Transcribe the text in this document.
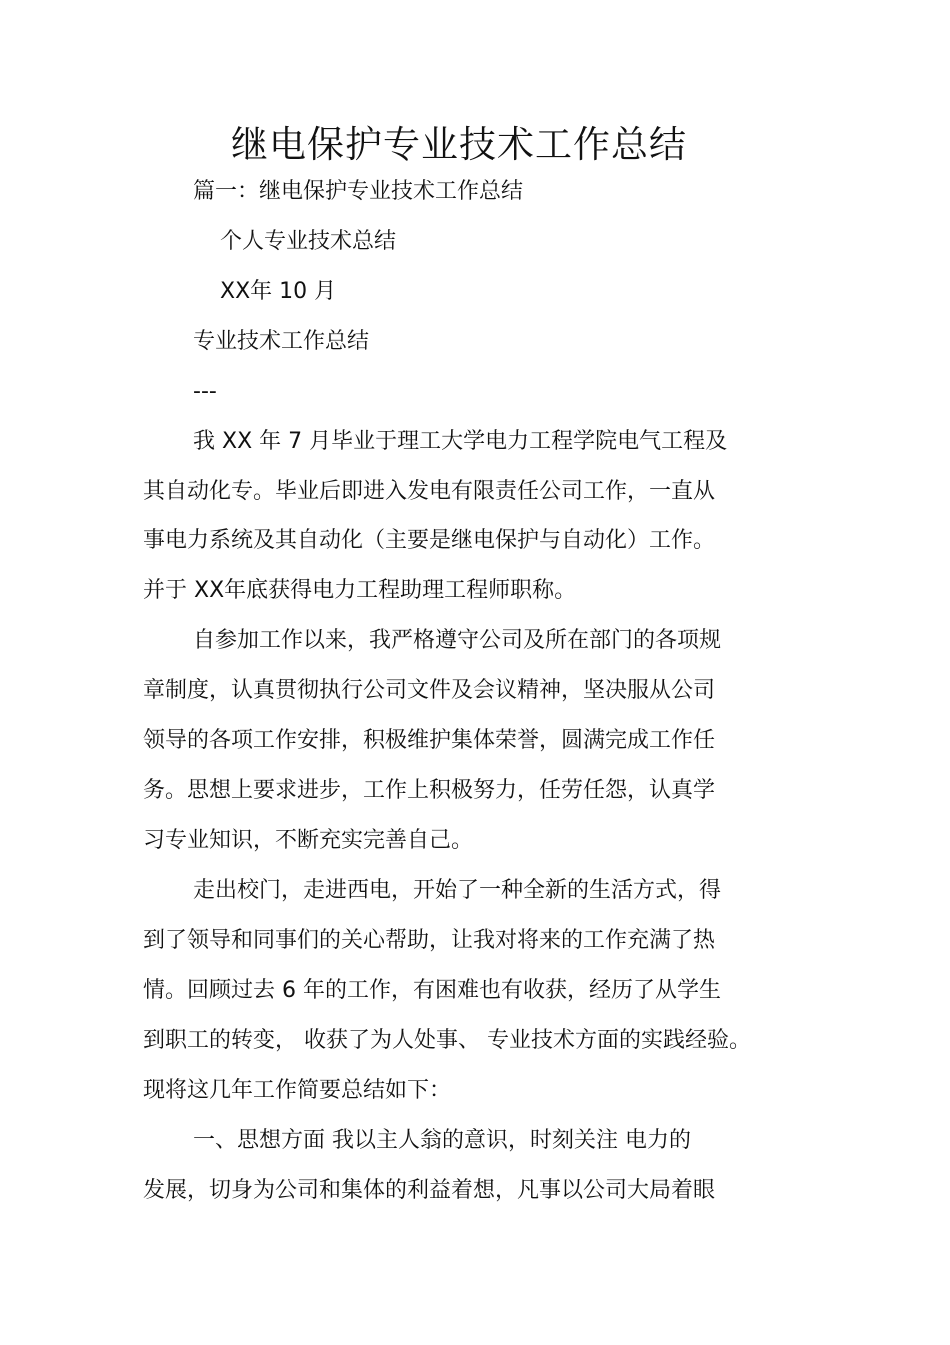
继电保护专业技术工作总结
篇一：继电保护专业技术工作总结
个人专业技术总结
XX年 10 月
专业技术工作总结
---
我 XX 年 7 月毕业于理工大学电力工程学院电气工程及
其自动化专。毕业后即进入发电有限责任公司工作，一直从
事电力系统及其自动化（主要是继电保护与自动化）工作。
并于 XX年底获得电力工程助理工程师职称。
自参加工作以来，我严格遵守公司及所在部门的各项规
章制度，认真贯彻执行公司文件及会议精神，坚决服从公司
领导的各项工作安排，积极维护集体荣誉，圆满完成工作任
务。思想上要求进步，工作上积极努力，任劳任怨，认真学
习专业知识，不断充实完善自己。
走出校门，走进西电，开始了一种全新的生活方式，得
到了领导和同事们的关心帮助，让我对将来的工作充满了热
情。回顾过去 6 年的工作，有困难也有收获，经历了从学生
到职工的转变， 收获了为人处事、 专业技术方面的实践经验。
现将这几年工作简要总结如下：
一、思想方面 我以主人翁的意识，时刻关注 电力的
发展，切身为公司和集体的利益着想，凡事以公司大局着眼
